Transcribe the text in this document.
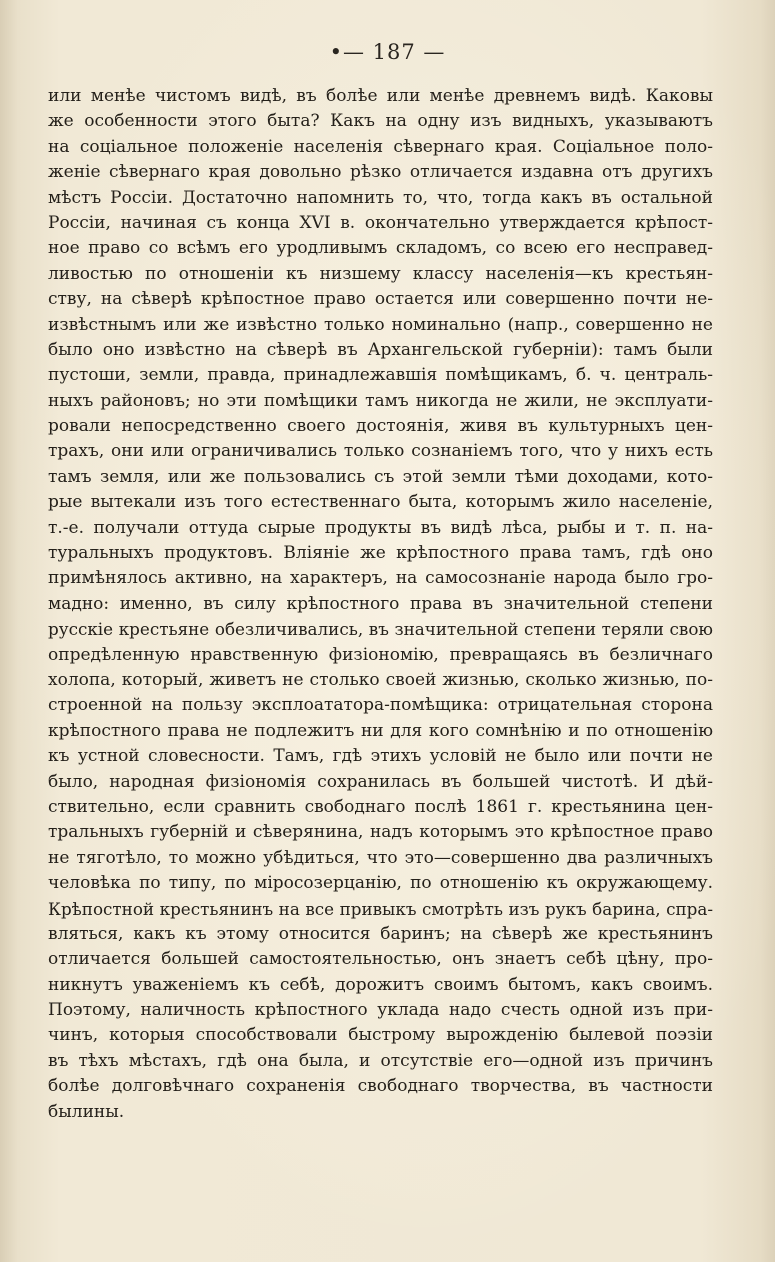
•— 187 —
или менѣе чистомъ видѣ, въ болѣе или менѣе древнемъ видѣ. Каковы
же особенности этого быта? Какъ на одну изъ видныхъ, указываютъ
на соціальное положеніе населенія сѣвернаго края. Соціальное поло-
женіе сѣвернаго края довольно рѣзко отличается издавна отъ другихъ
мѣстъ Россіи. Достаточно напомнить то, что, тогда какъ въ остальной
Россіи, начиная съ конца XVI в. окончательно утверждается крѣпост-
ное право со всѣмъ его уродливымъ складомъ, со всею его несправед-
ливостью по отношеніи къ низшему классу населенія—къ крестьян-
ству, на сѣверѣ крѣпостное право остается или совершенно почти не-
извѣстнымъ или же извѣстно только номинально (напр., совершенно не
было оно извѣстно на сѣверѣ въ Архангельской губерніи): тамъ были
пустоши, земли, правда, принадлежавшія помѣщикамъ, б. ч. централь-
ныхъ районовъ; но эти помѣщики тамъ никогда не жили, не эксплуати-
ровали непосредственно своего достоянія, живя въ культурныхъ цен-
трахъ, они или ограничивались только сознаніемъ того, что у нихъ есть
тамъ земля, или же пользовались съ этой земли тѣми доходами, кото-
рые вытекали изъ того естественнаго быта, которымъ жило населеніе,
т.-е. получали оттуда сырые продукты въ видѣ лѣса, рыбы и т. п. на-
туральныхъ продуктовъ. Вліяніе же крѣпостного права тамъ, гдѣ оно
примѣнялось активно, на характеръ, на самосознаніе народа было гро-
мадно: именно, въ силу крѣпостного права въ значительной степени
русскіе крестьяне обезличивались, въ значительной степени теряли свою
опредѣленную нравственную физіономію, превращаясь въ безличнаго
холопа, который, живетъ не столько своей жизнью, сколько жизнью, по-
строенной на пользу эксплоататора-помѣщика: отрицательная сторона
крѣпостного права не подлежитъ ни для кого сомнѣнію и по отношенію
къ устной словесности. Тамъ, гдѣ этихъ условій не было или почти не
было, народная физіономія сохранилась въ большей чистотѣ. И дѣй-
ствительно, если сравнить свободнаго послѣ 1861 г. крестьянина цен-
тральныхъ губерній и сѣверянина, надъ которымъ это крѣпостное право
не тяготѣло, то можно убѣдиться, что это—совершенно два различныхъ
человѣка по типу, по міросозерцанію, по отношенію къ окружающему.
Крѣпостной крестьянинъ на все привыкъ смотрѣть изъ рукъ барина, спра-
вляться, какъ къ этому относится баринъ; на сѣверѣ же крестьянинъ
отличается большей самостоятельностью, онъ знаетъ себѣ цѣну, про-
никнутъ уваженіемъ къ себѣ, дорожитъ своимъ бытомъ, какъ своимъ.
Поэтому, наличность крѣпостного уклада надо счесть одной изъ при-
чинъ, которыя способствовали быстрому вырожденію былевой поэзіи
въ тѣхъ мѣстахъ, гдѣ она была, и отсутствіе его—одной изъ причинъ
болѣе долговѣчнаго сохраненія свободнаго творчества, въ частности
былины.
